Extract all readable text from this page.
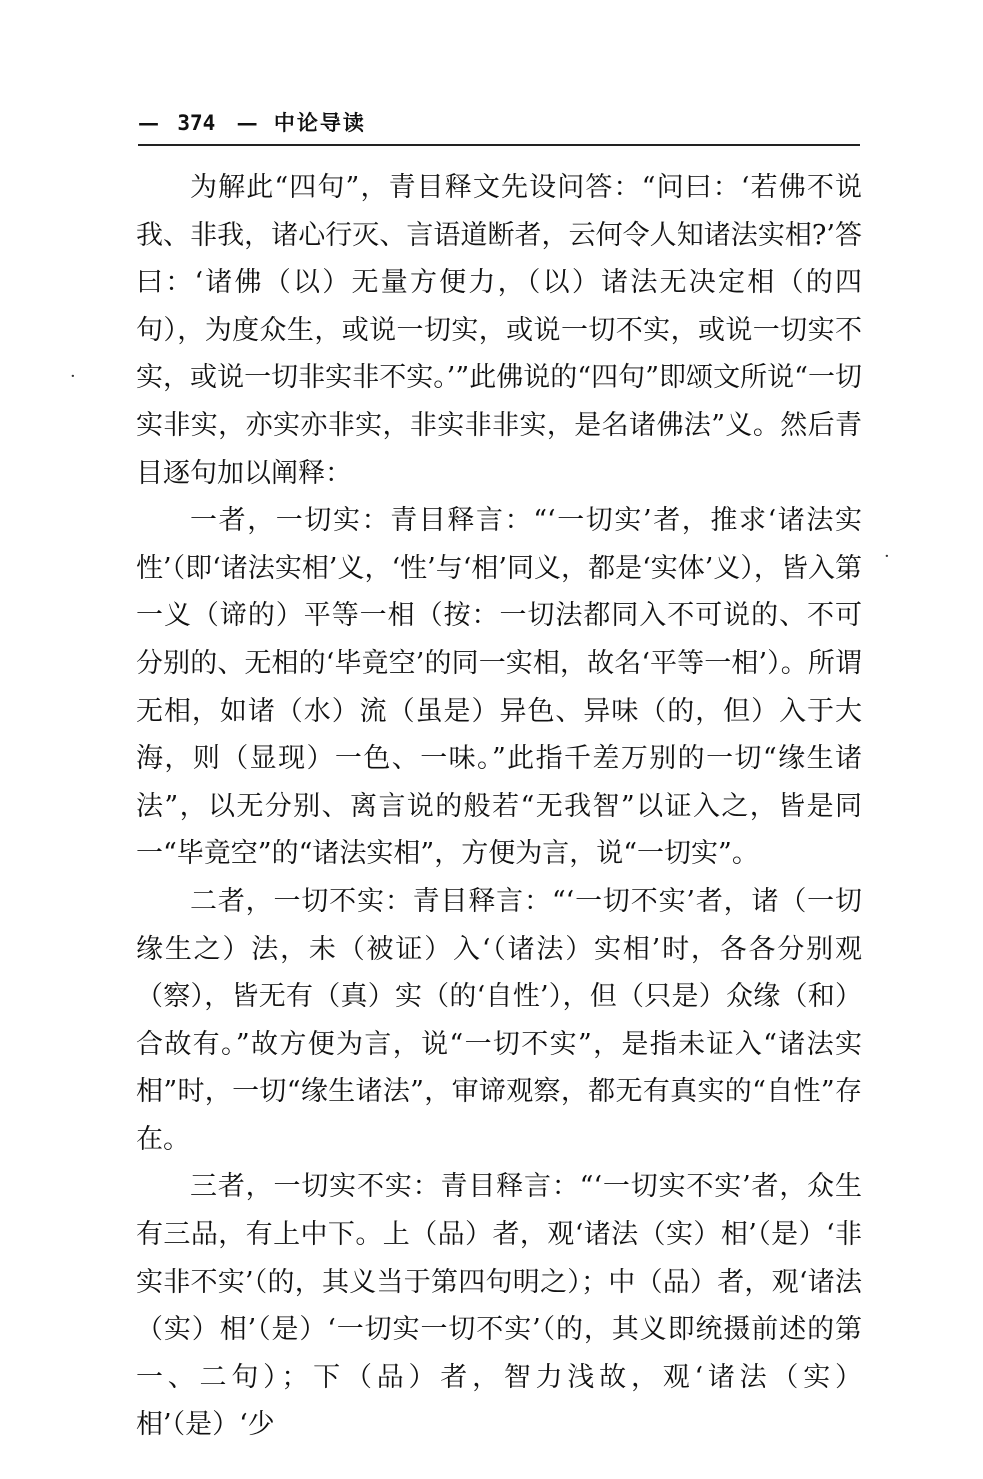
— 374 — 中论导读

为解此“四句”，青目释文先设问答：“问曰：‘若佛不说我、非我，诸心行灭、言语道断者，云何令人知诸法实相?’答曰：‘诸佛（以）无量方便力，（以）诸法无决定相（的四句），为度众生，或说一切实，或说一切不实，或说一切实不实，或说一切非实非不实。’”此佛说的“四句”即颂文所说“一切实非实，亦实亦非实，非实非非实，是名诸佛法”义。然后青目逐句加以阐释：

一者，一切实：青目释言：“‘一切实’者，推求‘诸法实性’（即‘诸法实相’义，‘性’与‘相’同义，都是‘实体’义），皆入第一义（谛的）平等一相（按：一切法都同入不可说的、不可分别的、无相的‘毕竟空’的同一实相，故名‘平等一相’）。所谓无相，如诸（水）流（虽是）异色、异味（的，但）入于大海，则（显现）一色、一味。”此指千差万别的一切“缘生诸法”，以无分别、离言说的般若“无我智”以证入之，皆是同一“毕竟空”的“诸法实相”，方便为言，说“一切实”。

二者，一切不实：青目释言：“‘一切不实’者，诸（一切缘生之）法，未（被证）入‘（诸法）实相’时，各各分别观（察），皆无有（真）实（的‘自性’），但（只是）众缘（和）合故有。”故方便为言，说“一切不实”，是指未证入“诸法实相”时，一切“缘生诸法”，审谛观察，都无有真实的“自性”存在。

三者，一切实不实：青目释言：“‘一切实不实’者，众生有三品，有上中下。上（品）者，观‘诸法（实）相’（是）‘非实非不实’（的，其义当于第四句明之）；中（品）者，观‘诸法（实）相’（是）‘一切实一切不实’（的，其义即统摄前述的第一、二句）；下（品）者，智力浅故，观‘诸法（实）相’（是）‘少

·
·
